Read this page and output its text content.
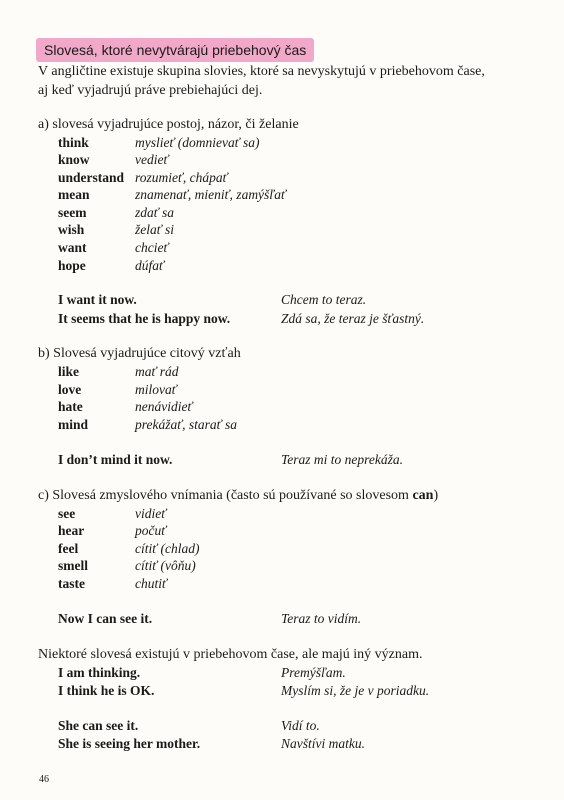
Slovesá, ktoré nevytvárajú priebehový čas
V angličtine existuje skupina slovies, ktoré sa nevyskytujú v priebehovom čase,
aj keď vyjadrujú práve prebiehajúci dej.
a) slovesá vyjadrujúce postoj, názor, či želanie
think	myslieť (domnievať sa)
know	vedieť
understand rozumieť, chápať
mean	znamenať, mieniť, zamýšľať
seem	zdať sa
wish	želať si
want	chcieť
hope	dúfať
I want it now.	Chcem to teraz.
It seems that he is happy now.	Zdá sa, že teraz je šťastný.
b) Slovesá vyjadrujúce citový vzťah
like	mať rád
love	milovať
hate	nenávidieť
mind	prekážať, starať sa
I don’t mind it now.	Teraz mi to neprekáža.
c) Slovesá zmyslového vnímania (často sú používané so slovesom can)
see	vidieť
hear	počuť
feel	cítiť (chlad)
smell	cítiť (vôňu)
taste	chutiť
Now I can see it.	Teraz to vidím.
Niektoré slovesá existujú v priebehovom čase, ale majú iný význam.
I am thinking.	Premýšľam.
I think he is OK.	Myslím si, že je v poriadku.
She can see it.	Vidí to.
She is seeing her mother.	Navštívi matku.
46
